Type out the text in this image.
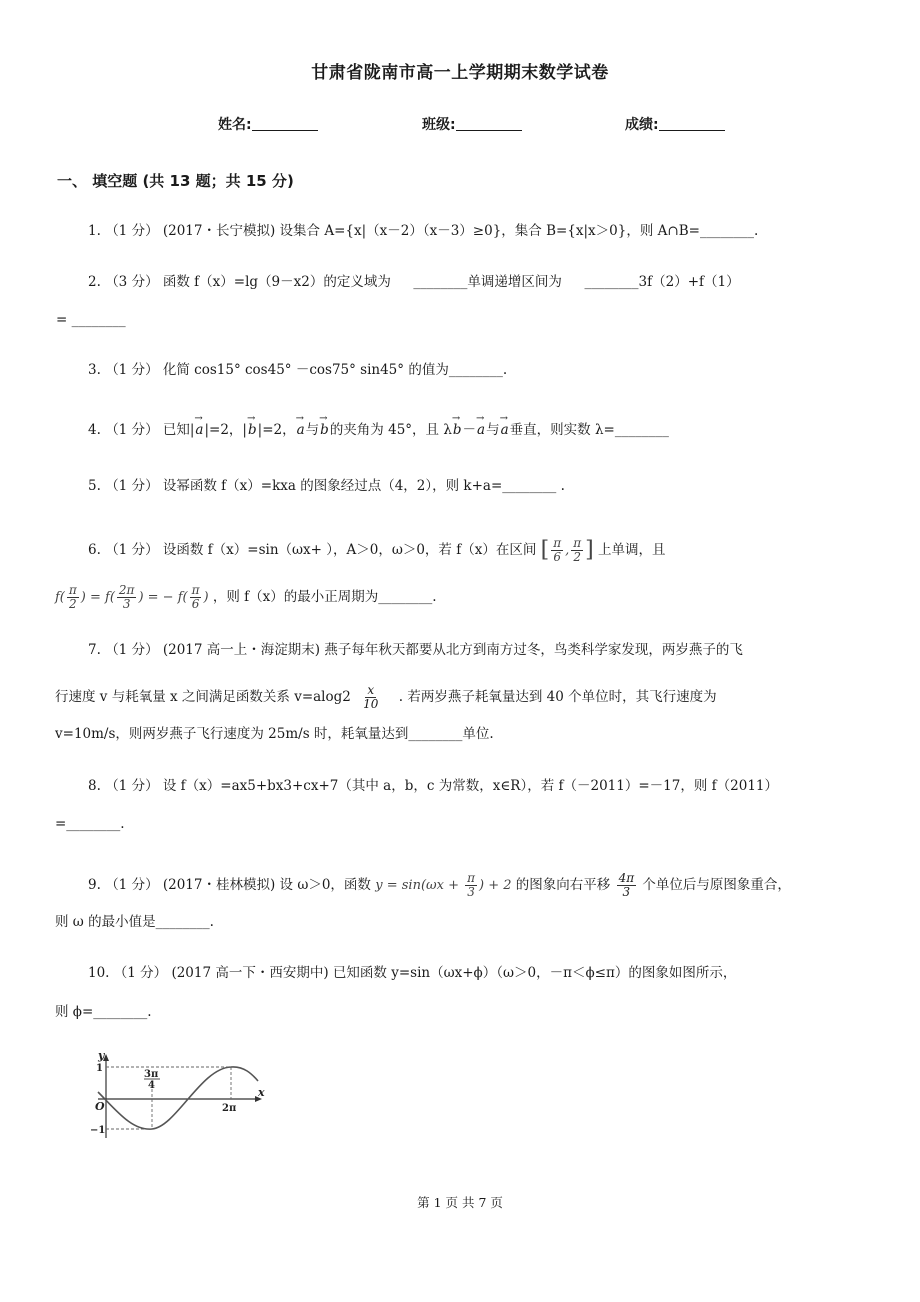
甘肃省陇南市高一上学期期末数学试卷
姓名:	班级:	成绩:
一、 填空题 (共 13 题；共 15 分)
1. （1 分） (2017・长宁模拟) 设集合 A={x|（x－2）（x－3）≥0}，集合 B={x|x＞0}，则 A∩B=________.
2. （3 分） 函数 f（x）=lg（9－x2）的定义域为 ________单调递增区间为 ________3f（2）+f（1）
= ________
3. （1 分） 化简 cos15° cos45° －cos75° sin45° 的值为________.
4. （1 分） 已知|→ a|=2，|→ b|=2，→ a与→ b的夹角为 45°，且 λ→ b－→ a与→ a垂直，则实数 λ=________
5. （1 分） 设幂函数 f（x）=kxa 的图象经过点（4，2），则 k+a=________ .
6. （1 分） 设函数 f（x）=sin（ωx+ ），A＞0，ω＞0，若 f（x）在区间 [ $\frac{\pi}{6}$ , $\frac{\pi}{2}$ ] 上单调，且
$f( \frac{\pi}{2}$ ) = $f( \frac{2\pi}{3}$ ) = − $f( \frac{\pi}{6}$ ) ，则 f（x）的最小正周期为________.
7. （1 分） (2017 高一上・海淀期末) 燕子每年秋天都要从北方到南方过冬，鸟类科学家发现，两岁燕子的飞
行速度 v 与耗氧量 x 之间满足函数关系 $v=alog2 \frac{x}{10}$ . 若两岁燕子耗氧量达到 40 个单位时，其飞行速度为
v=10m/s，则两岁燕子飞行速度为 25m/s 时，耗氧量达到________单位.
8. （1 分） 设 f（x）=ax5+bx3+cx+7（其中 a，b，c 为常数，x∈R），若 f（－2011）=－17，则 f（2011）
=________.
9. （1 分） (2017・桂林模拟) 设 ω＞0，函数 $y = \sin(\omega x + \frac{\pi}{3}$ ) + 2 的图象向右平移 $\frac{4\pi}{3}$ 个单位后与原图象重合，
则 ω 的最小值是________.
10. （1 分） (2017 高一下・西安期中) 已知函数 y=sin（ωx+ϕ）（ω＞0，－π＜ϕ≤π）的图象如图所示，
则 ϕ=________.
y
x
O
1
−1
3π
4
2π
第 1 页 共 7 页
